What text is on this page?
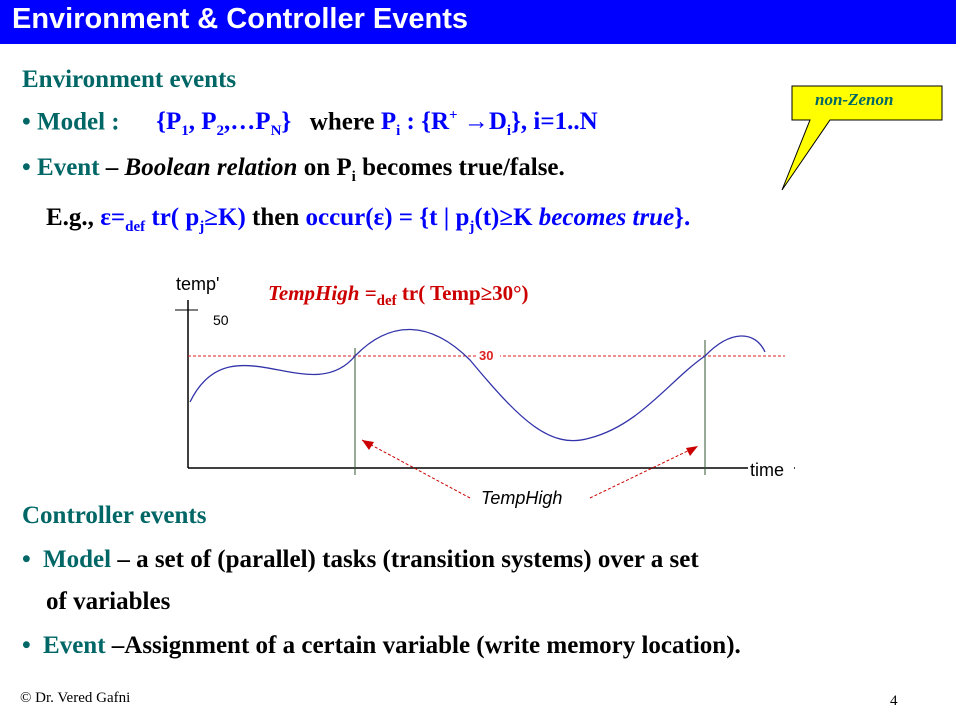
Environment & Controller Events
Environment events
• Model : {$P_1$, $P_2,\dots P_N$} where $P_i$ : $\{R^+ \to D_i\}$, i=1..N
• Event – Boolean relation on $P_i$ becomes true/false.
E.g., $\varepsilon=_{def}$ tr( $p_j\ge K$) then occur(ε) = {t | $p_j(t)\ge K$ becomes true}.
non-Zenon
temp'
50
30
time
TempHigh
TempHigh $=_{def}$ tr( Temp≥30°)
Controller events
• Model – a set of (parallel) tasks (transition systems) over a set
of variables
• Event –Assignment of a certain variable (write memory location).
© Dr. Vered Gafni	4
